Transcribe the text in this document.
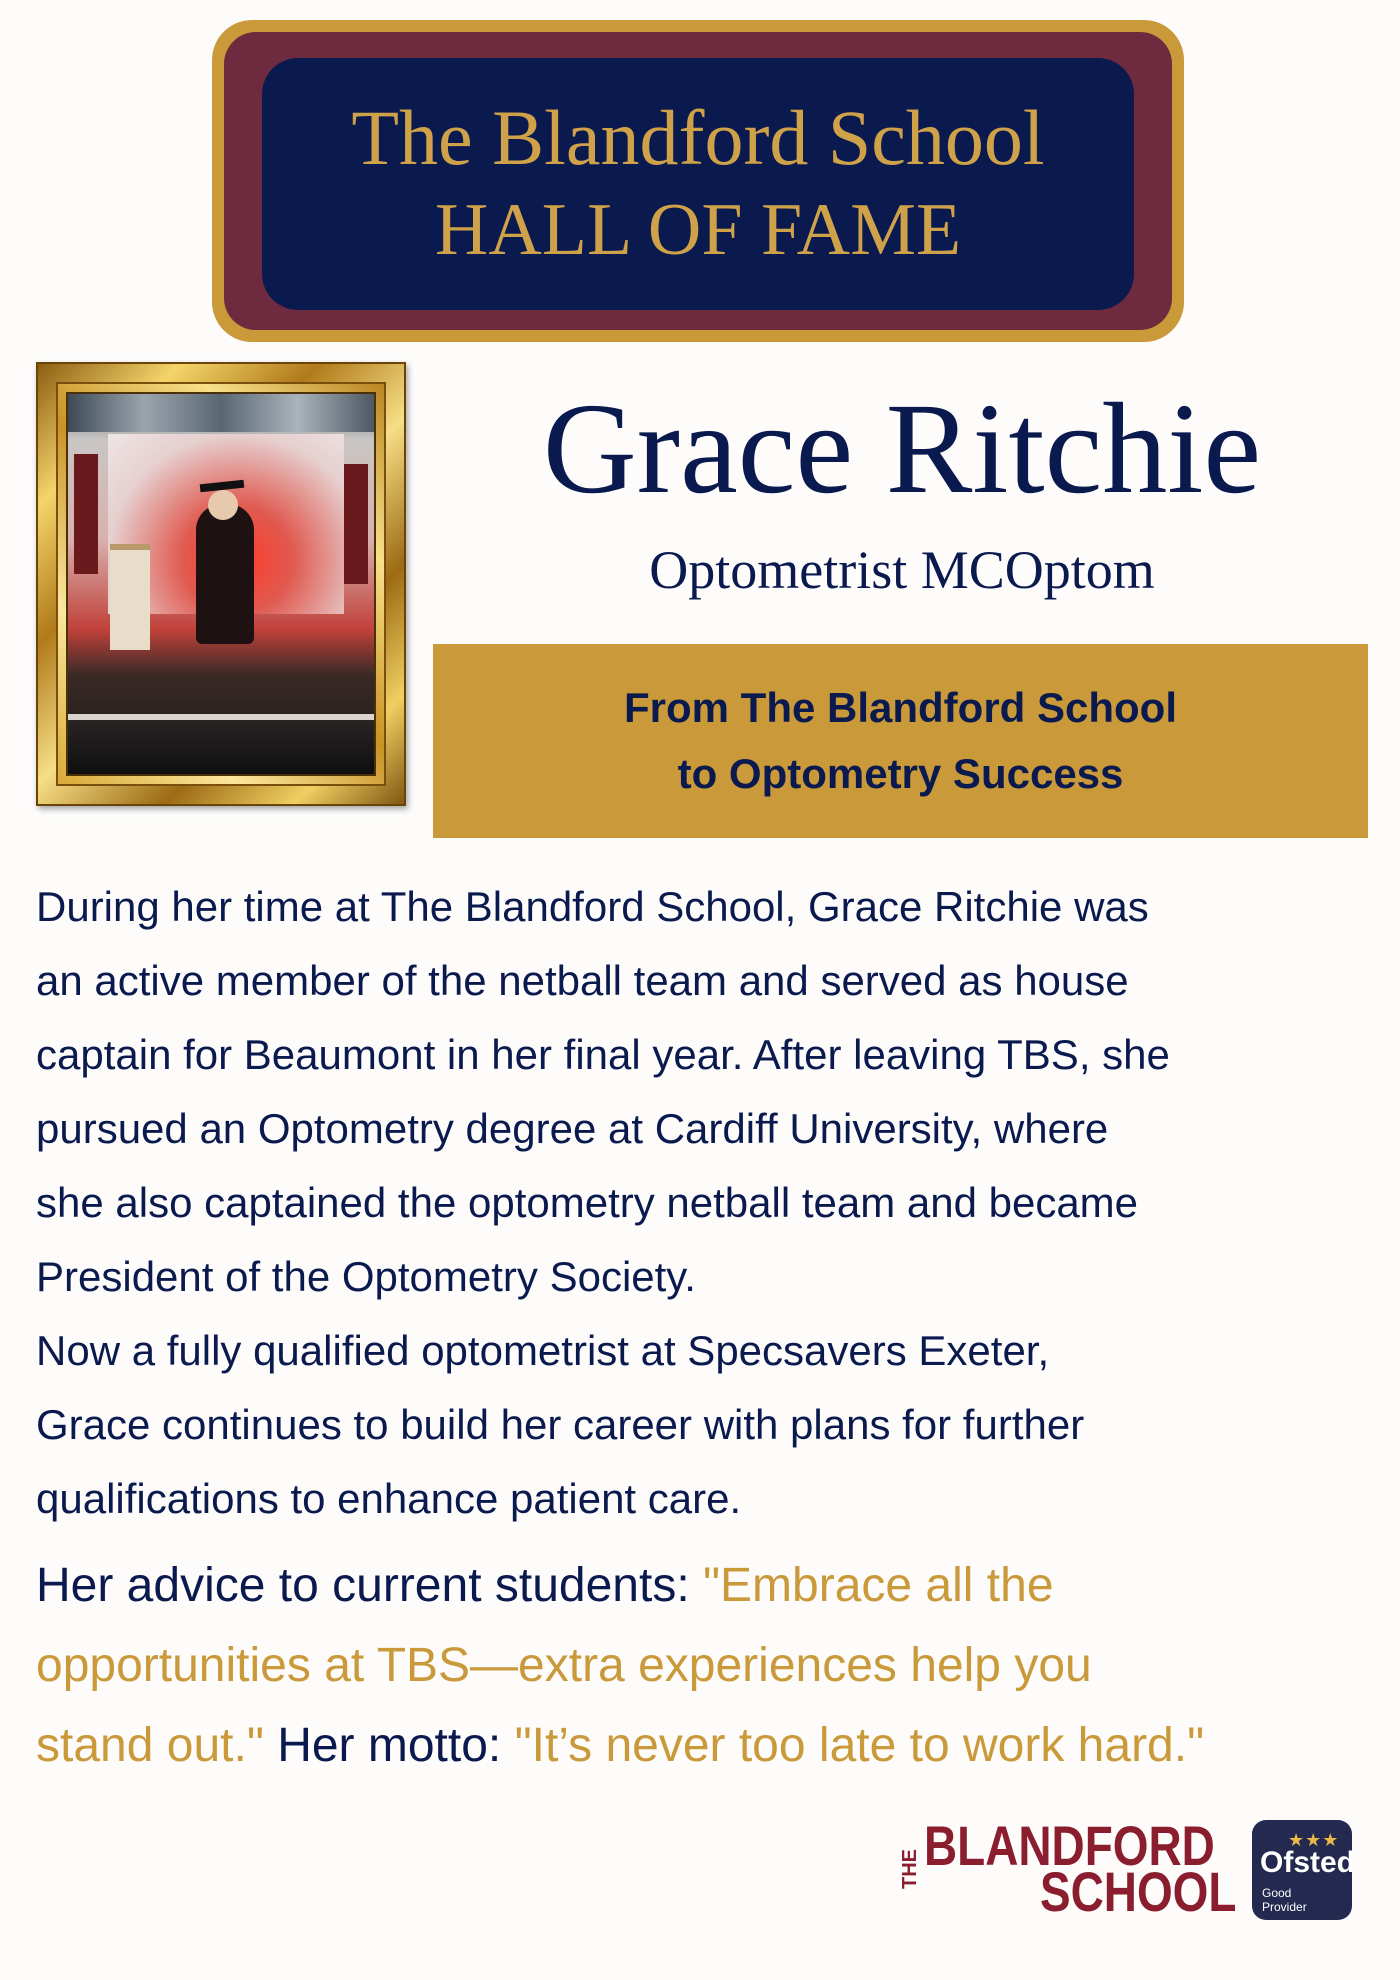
The Blandford School
HALL OF FAME
Grace Ritchie
Optometrist MCOptom
From The Blandford School
to Optometry Success

During her time at The Blandford School, Grace Ritchie was

an active member of the netball team and served as house

captain for Beaumont in her final year. After leaving TBS, she

pursued an Optometry degree at Cardiff University, where

she also captained the optometry netball team and became

President of the Optometry Society.

Now a fully qualified optometrist at Specsavers Exeter,

Grace continues to build her career with plans for further

qualifications to enhance patient care.

Her advice to current students: "Embrace all the

opportunities at TBS—extra experiences help you

stand out." Her motto: "It’s never too late to work hard."

THE BLANDFORD
SCHOOL
★★★
Ofsted
Good
Provider
